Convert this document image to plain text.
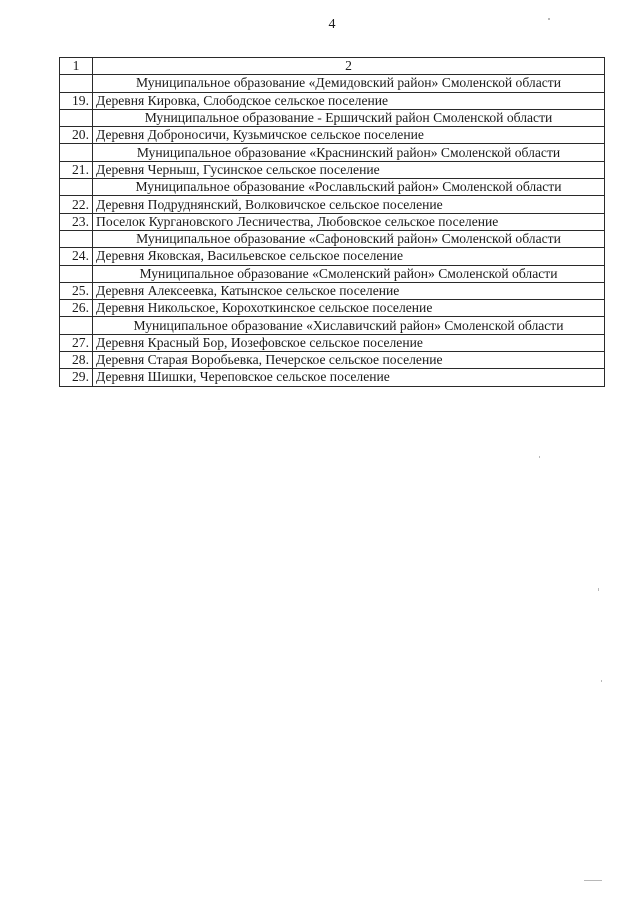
4
1	2
	Муниципальное образование «Демидовский район» Смоленской области
19.	Деревня Кировка, Слободское сельское поселение
	Муниципальное образование - Ершичский район Смоленской области
20.	Деревня Доброносичи, Кузьмичское сельское поселение
	Муниципальное образование «Краснинский район» Смоленской области
21.	Деревня Черныш, Гусинское сельское поселение
	Муниципальное образование «Рославльский район» Смоленской области
22.	Деревня Подруднянский, Волковичское сельское поселение
23.	Поселок Кургановского Лесничества, Любовское сельское поселение
	Муниципальное образование «Сафоновский район» Смоленской области
24.	Деревня Яковская, Васильевское сельское поселение
	Муниципальное образование «Смоленский район» Смоленской области
25.	Деревня Алексеевка, Катынское сельское поселение
26.	Деревня Никольское, Корохоткинское сельское поселение
	Муниципальное образование «Хиславичский район» Смоленской области
27.	Деревня Красный Бор, Иозефовское сельское поселение
28.	Деревня Старая Воробьевка, Печерское сельское поселение
29.	Деревня Шишки, Череповское сельское поселение
